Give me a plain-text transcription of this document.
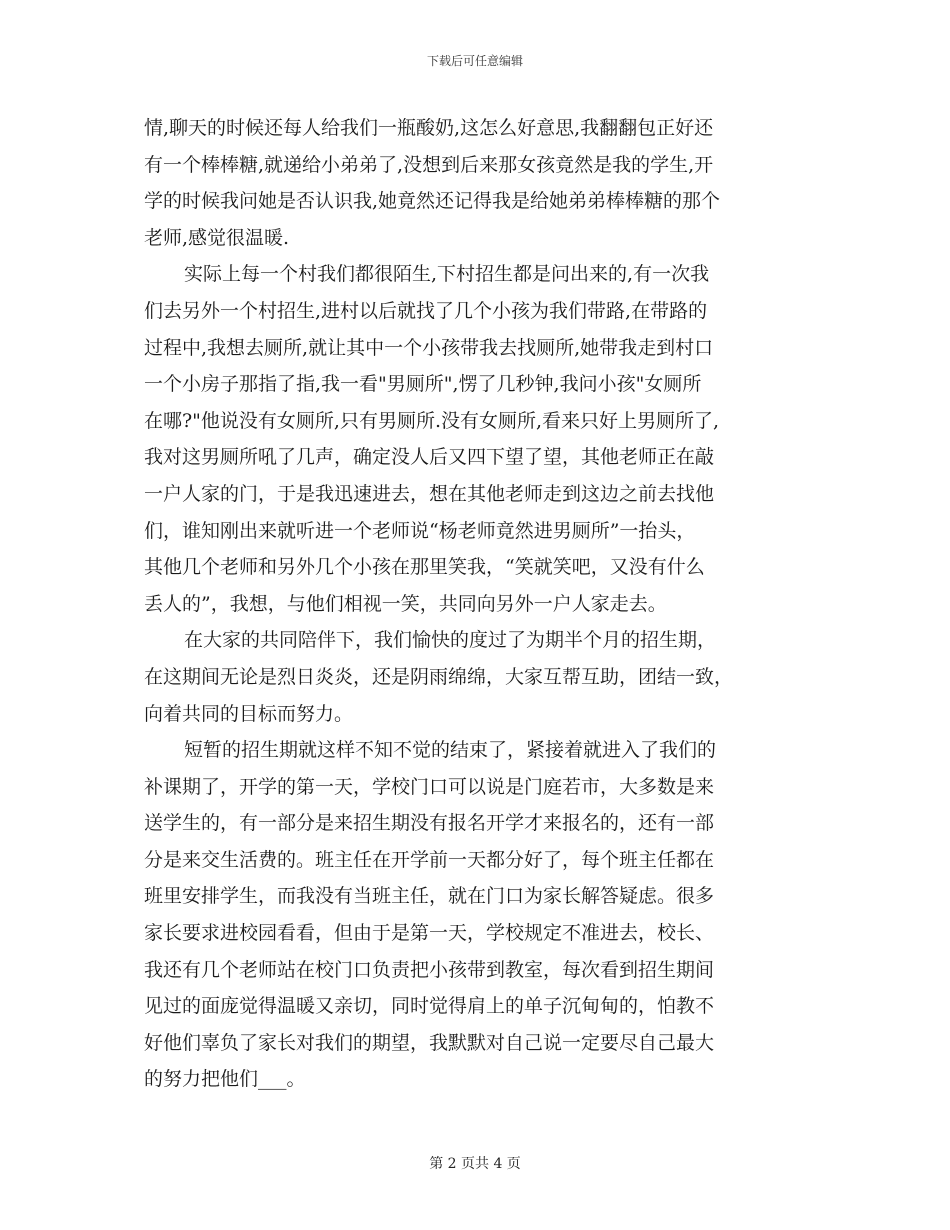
下载后可任意编辑
情,聊天的时候还每人给我们一瓶酸奶,这怎么好意思,我翻翻包正好还
有一个棒棒糖,就递给小弟弟了,没想到后来那女孩竟然是我的学生,开
学的时候我问她是否认识我,她竟然还记得我是给她弟弟棒棒糖的那个
老师,感觉很温暖.
实际上每一个村我们都很陌生,下村招生都是问出来的,有一次我
们去另外一个村招生,进村以后就找了几个小孩为我们带路,在带路的
过程中,我想去厕所,就让其中一个小孩带我去找厕所,她带我走到村口
一个小房子那指了指,我一看"男厕所",愣了几秒钟,我问小孩"女厕所
在哪?"他说没有女厕所,只有男厕所.没有女厕所,看来只好上男厕所了,
我对这男厕所吼了几声，确定没人后又四下望了望，其他老师正在敲
一户人家的门，于是我迅速进去，想在其他老师走到这边之前去找他
们，谁知刚出来就听进一个老师说“杨老师竟然进男厕所”一抬头，
其他几个老师和另外几个小孩在那里笑我，“笑就笑吧，又没有什么
丢人的”，我想，与他们相视一笑，共同向另外一户人家走去。
在大家的共同陪伴下，我们愉快的度过了为期半个月的招生期，
在这期间无论是烈日炎炎，还是阴雨绵绵，大家互帮互助，团结一致，
向着共同的目标而努力。
短暂的招生期就这样不知不觉的结束了，紧接着就进入了我们的
补课期了，开学的第一天，学校门口可以说是门庭若市，大多数是来
送学生的，有一部分是来招生期没有报名开学才来报名的，还有一部
分是来交生活费的。班主任在开学前一天都分好了，每个班主任都在
班里安排学生，而我没有当班主任，就在门口为家长解答疑虑。很多
家长要求进校园看看，但由于是第一天，学校规定不准进去，校长、
我还有几个老师站在校门口负责把小孩带到教室，每次看到招生期间
见过的面庞觉得温暖又亲切，同时觉得肩上的单子沉甸甸的，怕教不
好他们辜负了家长对我们的期望，我默默对自己说一定要尽自己最大
的努力把他们___。
第 2 页共 4 页
